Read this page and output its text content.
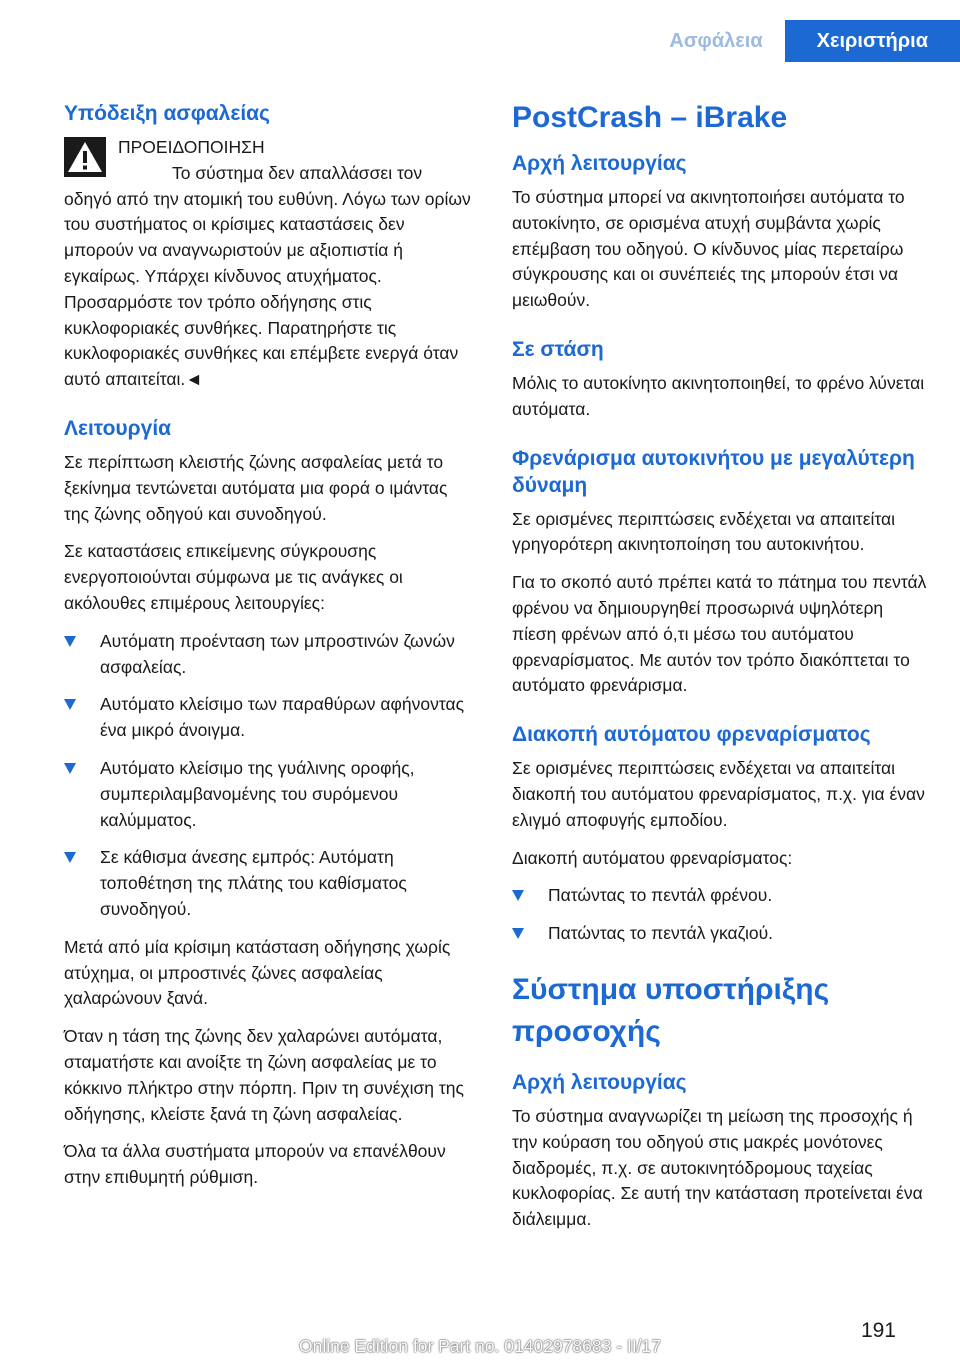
Ασφάλεια	Χειριστήρια
Υπόδειξη ασφαλείας
ΠΡΟΕΙΔΟΠΟΙΗΣΗ

Το σύστημα δεν απαλλάσσει τον οδηγό από την ατομική του ευθύνη. Λόγω των ορίων του συστήματος οι κρίσιμες καταστάσεις δεν μπορούν να αναγνωριστούν με αξιοπιστία ή εγκαίρως. Υπάρχει κίνδυνος ατυχήματος. Προσαρμόστε τον τρόπο οδήγησης στις κυκλοφοριακές συνθήκες. Παρατηρήστε τις κυκλοφοριακές συνθήκες και επέμβετε ενεργά όταν αυτό απαιτείται.◄

Λειτουργία

Σε περίπτωση κλειστής ζώνης ασφαλείας μετά το ξεκίνημα τεντώνεται αυτόματα μια φορά ο ιμάντας της ζώνης οδηγού και συνοδηγού.

Σε καταστάσεις επικείμενης σύγκρουσης ενεργοποιούνται σύμφωνα με τις ανάγκες οι ακόλουθες επιμέρους λειτουργίες:

Αυτόματη προένταση των μπροστινών ζωνών ασφαλείας.
Αυτόματο κλείσιμο των παραθύρων αφήνοντας ένα μικρό άνοιγμα.
Αυτόματο κλείσιμο της γυάλινης οροφής, συμπεριλαμβανομένης του συρόμενου καλύμματος.
Σε κάθισμα άνεσης εμπρός: Αυτόματη τοποθέτηση της πλάτης του καθίσματος συνοδηγού.

Μετά από μία κρίσιμη κατάσταση οδήγησης χωρίς ατύχημα, οι μπροστινές ζώνες ασφαλείας χαλαρώνουν ξανά.

Όταν η τάση της ζώνης δεν χαλαρώνει αυτόματα, σταματήστε και ανοίξτε τη ζώνη ασφαλείας με το κόκκινο πλήκτρο στην πόρπη. Πριν τη συνέχιση της οδήγησης, κλείστε ξανά τη ζώνη ασφαλείας.

Όλα τα άλλα συστήματα μπορούν να επανέλθουν στην επιθυμητή ρύθμιση.

PostCrash – iBrake
Αρχή λειτουργίας

Το σύστημα μπορεί να ακινητοποιήσει αυτόματα το αυτοκίνητο, σε ορισμένα ατυχή συμβάντα χωρίς επέμβαση του οδηγού. Ο κίνδυνος μίας περεταίρω σύγκρουσης και οι συνέπειές της μπορούν έτσι να μειωθούν.

Σε στάση

Μόλις το αυτοκίνητο ακινητοποιηθεί, το φρένο λύνεται αυτόματα.

Φρενάρισμα αυτοκινήτου με μεγαλύτερη δύναμη

Σε ορισμένες περιπτώσεις ενδέχεται να απαιτείται γρηγορότερη ακινητοποίηση του αυτοκινήτου.

Για το σκοπό αυτό πρέπει κατά το πάτημα του πεντάλ φρένου να δημιουργηθεί προσωρινά υψηλότερη πίεση φρένων από ό,τι μέσω του αυτόματου φρεναρίσματος. Με αυτόν τον τρόπο διακόπτεται το αυτόματο φρενάρισμα.

Διακοπή αυτόματου φρεναρίσματος

Σε ορισμένες περιπτώσεις ενδέχεται να απαιτείται διακοπή του αυτόματου φρεναρίσματος, π.χ. για έναν ελιγμό αποφυγής εμποδίου.

Διακοπή αυτόματου φρεναρίσματος:

Πατώντας το πεντάλ φρένου.
Πατώντας το πεντάλ γκαζιού.
Σύστημα υποστήριξης προσοχής
Αρχή λειτουργίας

Το σύστημα αναγνωρίζει τη μείωση της προσοχής ή την κούραση του οδηγού στις μακρές μονότονες διαδρομές, π.χ. σε αυτοκινητόδρομους ταχείας κυκλοφορίας. Σε αυτή την κατάσταση προτείνεται ένα διάλειμμα.

191
Online Edition for Part no. 01402978683 - II/17
